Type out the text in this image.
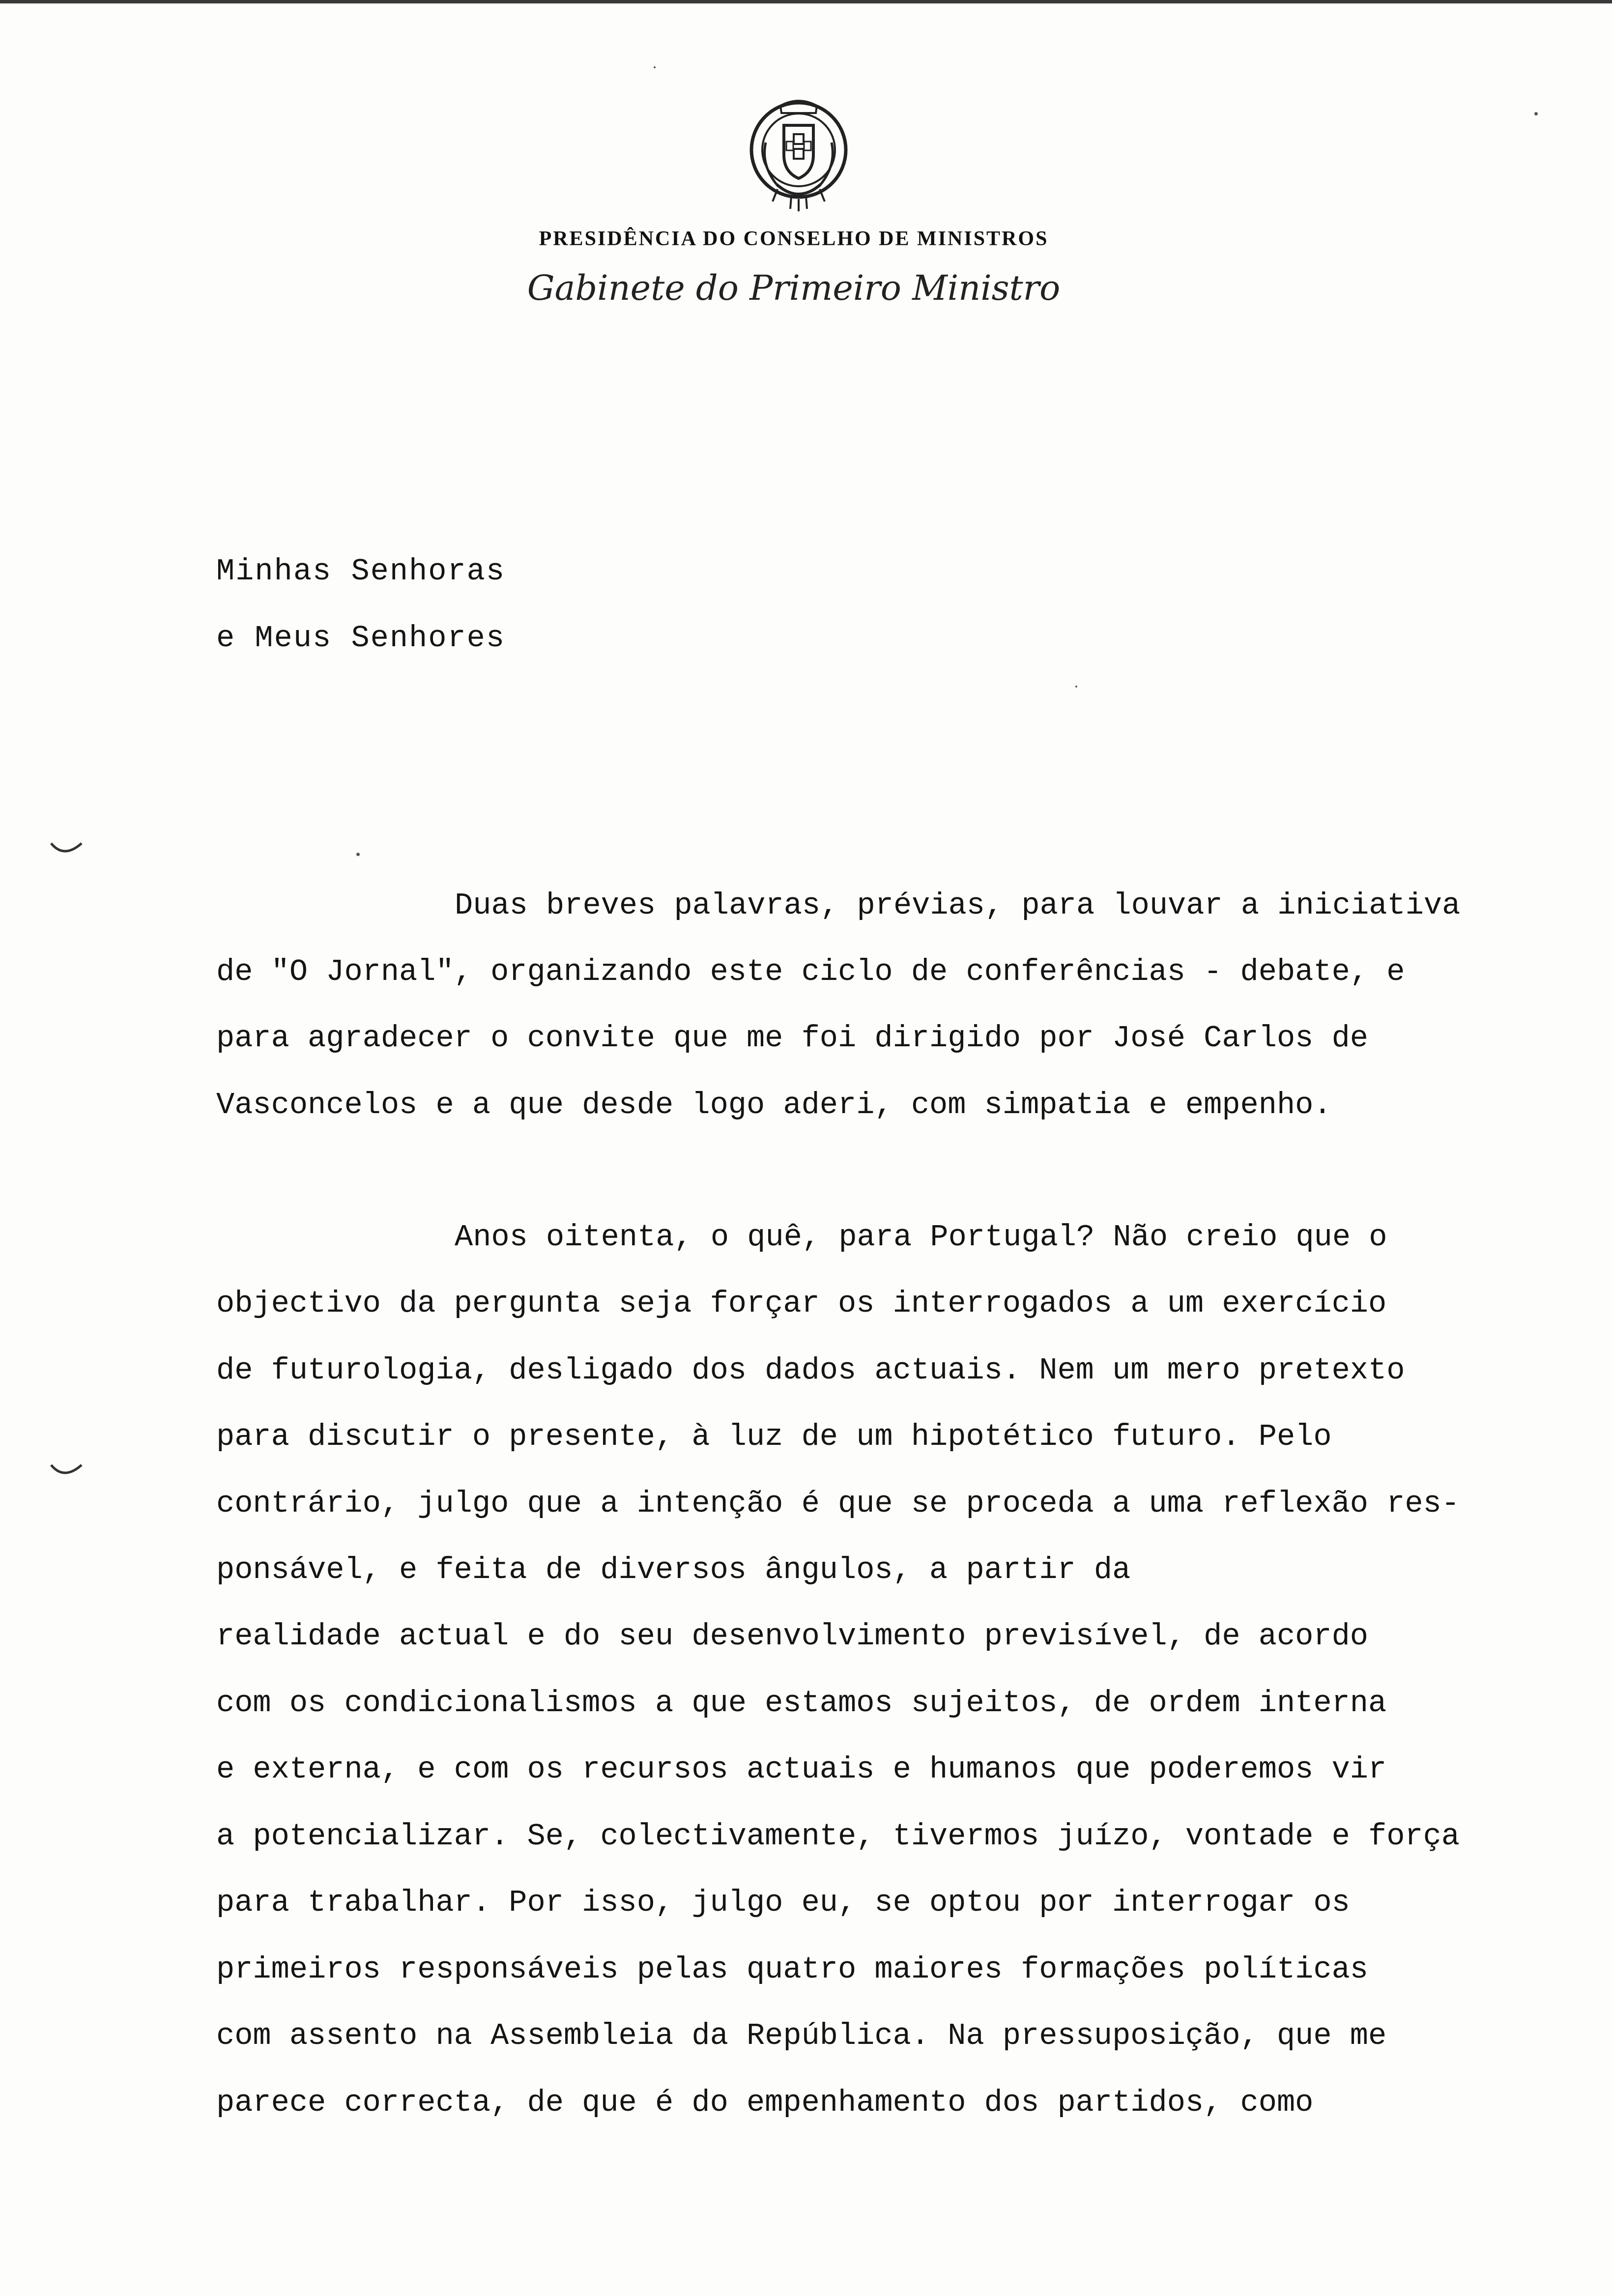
PRESIDÊNCIA DO CONSELHO DE MINISTROS
Gabinete do Primeiro Ministro
Minhas Senhoras
e Meus Senhores
Duas breves palavras, prévias, para louvar a iniciativa
de "O Jornal", organizando este ciclo de conferências - debate, e
para agradecer o convite que me foi dirigido por José Carlos de
Vasconcelos e a que desde logo aderi, com simpatia e empenho.
Anos oitenta, o quê, para Portugal? Não creio que o
objectivo da pergunta seja forçar os interrogados a um exercício
de futurologia, desligado dos dados actuais. Nem um mero pretexto
para discutir o presente, à luz de um hipotético futuro. Pelo
contrário, julgo que a intenção é que se proceda a uma reflexão res-
ponsável, e feita de diversos ângulos, a partir da
realidade actual e do seu desenvolvimento previsível, de acordo
com os condicionalismos a que estamos sujeitos, de ordem interna
e externa, e com os recursos actuais e humanos que poderemos vir
a potencializar. Se, colectivamente, tivermos juízo, vontade e força
para trabalhar. Por isso, julgo eu, se optou por interrogar os
primeiros responsáveis pelas quatro maiores formações políticas
com assento na Assembleia da República. Na pressuposição, que me
parece correcta, de que é do empenhamento dos partidos, como
